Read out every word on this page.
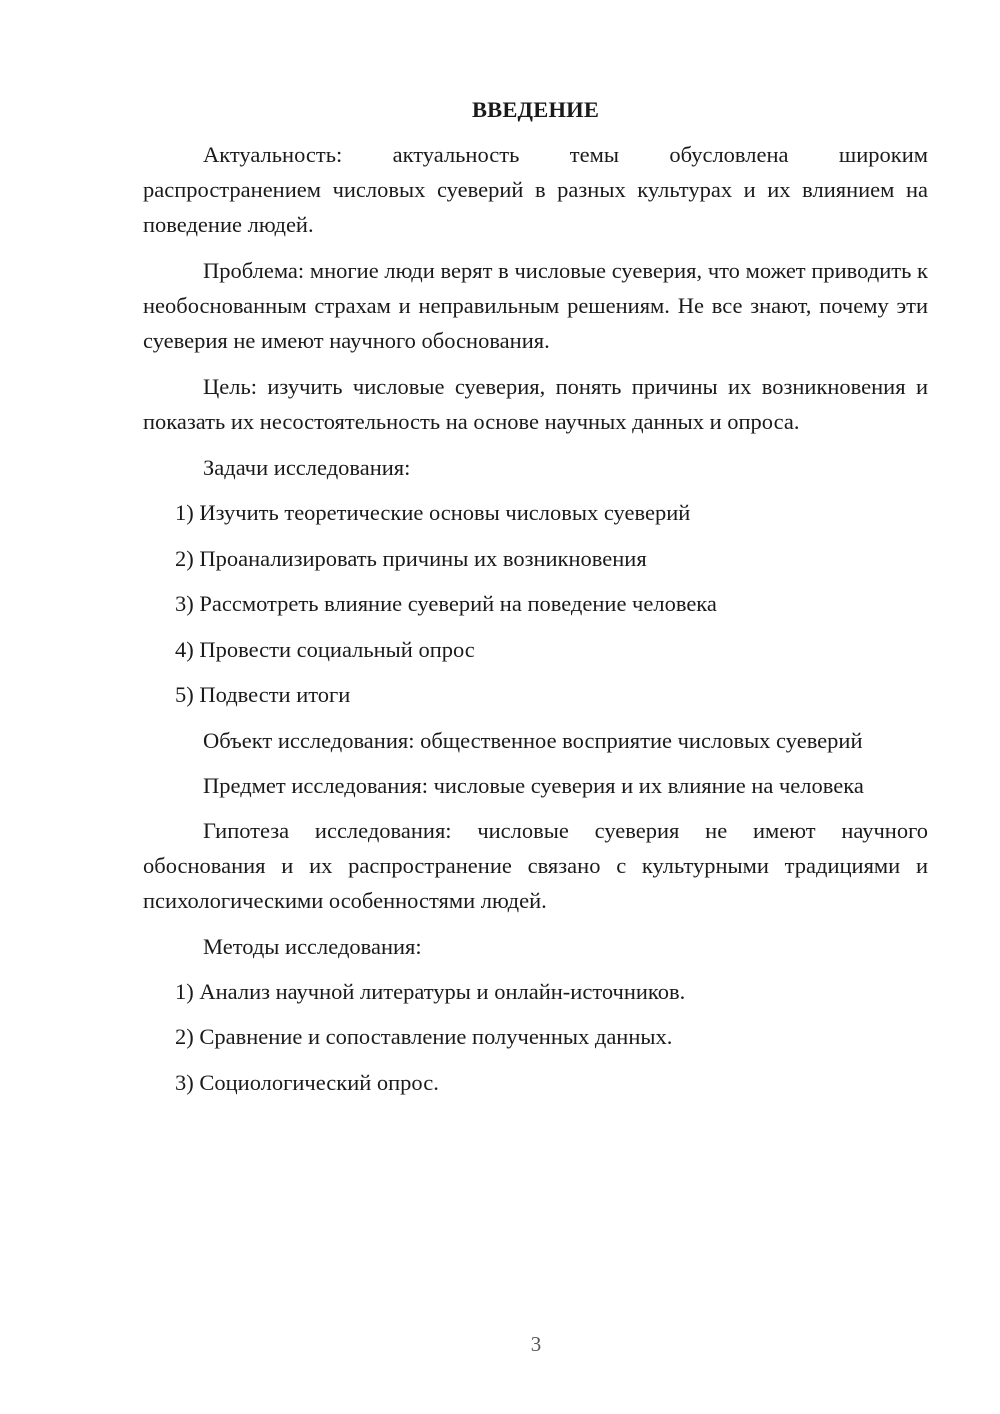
ВВЕДЕНИЕ

Актуальность: актуальность темы обусловлена широким распространением числовых суеверий в разных культурах и их влиянием на поведение людей.

Проблема: многие люди верят в числовые суеверия, что может приводить к необоснованным страхам и неправильным решениям. Не все знают, почему эти суеверия не имеют научного обоснования.

Цель: изучить числовые суеверия, понять причины их возникновения и показать их несостоятельность на основе научных данных и опроса.

Задачи исследования:

1) Изучить теоретические основы числовых суеверий
2) Проанализировать причины их возникновения
3) Рассмотреть влияние суеверий на поведение человека
4) Провести социальный опрос
5) Подвести итоги

Объект исследования: общественное восприятие числовых суеверий

Предмет исследования: числовые суеверия и их влияние на человека

Гипотеза исследования: числовые суеверия не имеют научного обоснования и их распространение связано с культурными традициями и психологическими особенностями людей.

Методы исследования:

1) Анализ научной литературы и онлайн-источников.
2) Сравнение и сопоставление полученных данных.
3) Социологический опрос.
3
